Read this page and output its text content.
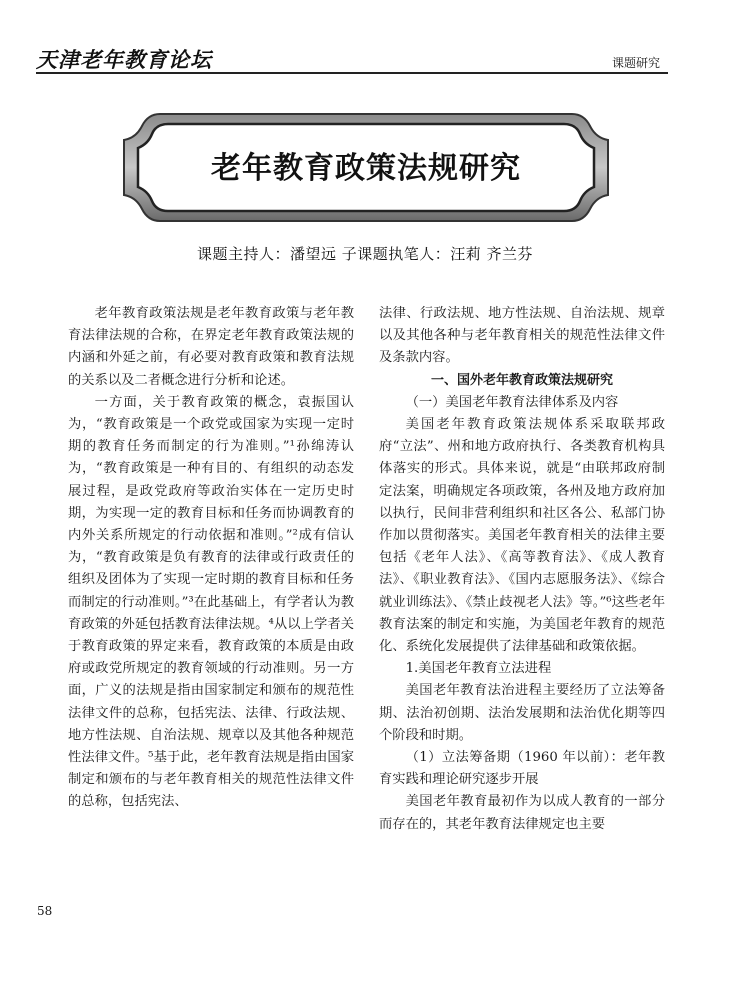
天津老年教育论坛	课题研究
老年教育政策法规研究
课题主持人：潘望远 子课题执笔人：汪莉 齐兰芬

老年教育政策法规是老年教育政策与老年教育法律法规的合称，在界定老年教育政策法规的内涵和外延之前，有必要对教育政策和教育法规的关系以及二者概念进行分析和论述。

一方面，关于教育政策的概念，袁振国认为，“教育政策是一个政党或国家为实现一定时期的教育任务而制定的行为准则。”¹孙绵涛认为，“教育政策是一种有目的、有组织的动态发展过程，是政党政府等政治实体在一定历史时期，为实现一定的教育目标和任务而协调教育的内外关系所规定的行动依据和准则。”²成有信认为，“教育政策是负有教育的法律或行政责任的组织及团体为了实现一定时期的教育目标和任务而制定的行动准则。”³在此基础上，有学者认为教育政策的外延包括教育法律法规。⁴从以上学者关于教育政策的界定来看，教育政策的本质是由政府或政党所规定的教育领域的行动准则。另一方面，广义的法规是指由国家制定和颁布的规范性法律文件的总称，包括宪法、法律、行政法规、地方性法规、自治法规、规章以及其他各种规范性法律文件。⁵基于此，老年教育法规是指由国家制定和颁布的与老年教育相关的规范性法律文件的总称，包括宪法、

法律、行政法规、地方性法规、自治法规、规章以及其他各种与老年教育相关的规范性法律文件及条款内容。

一、国外老年教育政策法规研究

（一）美国老年教育法律体系及内容

美国老年教育政策法规体系采取联邦政府“立法”、州和地方政府执行、各类教育机构具体落实的形式。具体来说，就是“由联邦政府制定法案，明确规定各项政策，各州及地方政府加以执行，民间非营利组织和社区各公、私部门协作加以贯彻落实。美国老年教育相关的法律主要包括《老年人法》、《高等教育法》、《成人教育法》、《职业教育法》、《国内志愿服务法》、《综合就业训练法》、《禁止歧视老人法》等。”⁶这些老年教育法案的制定和实施，为美国老年教育的规范化、系统化发展提供了法律基础和政策依据。

1.美国老年教育立法进程

美国老年教育法治进程主要经历了立法筹备期、法治初创期、法治发展期和法治优化期等四个阶段和时期。

（1）立法筹备期（1960 年以前）：老年教育实践和理论研究逐步开展

美国老年教育最初作为以成人教育的一部分而存在的，其老年教育法律规定也主要

58
